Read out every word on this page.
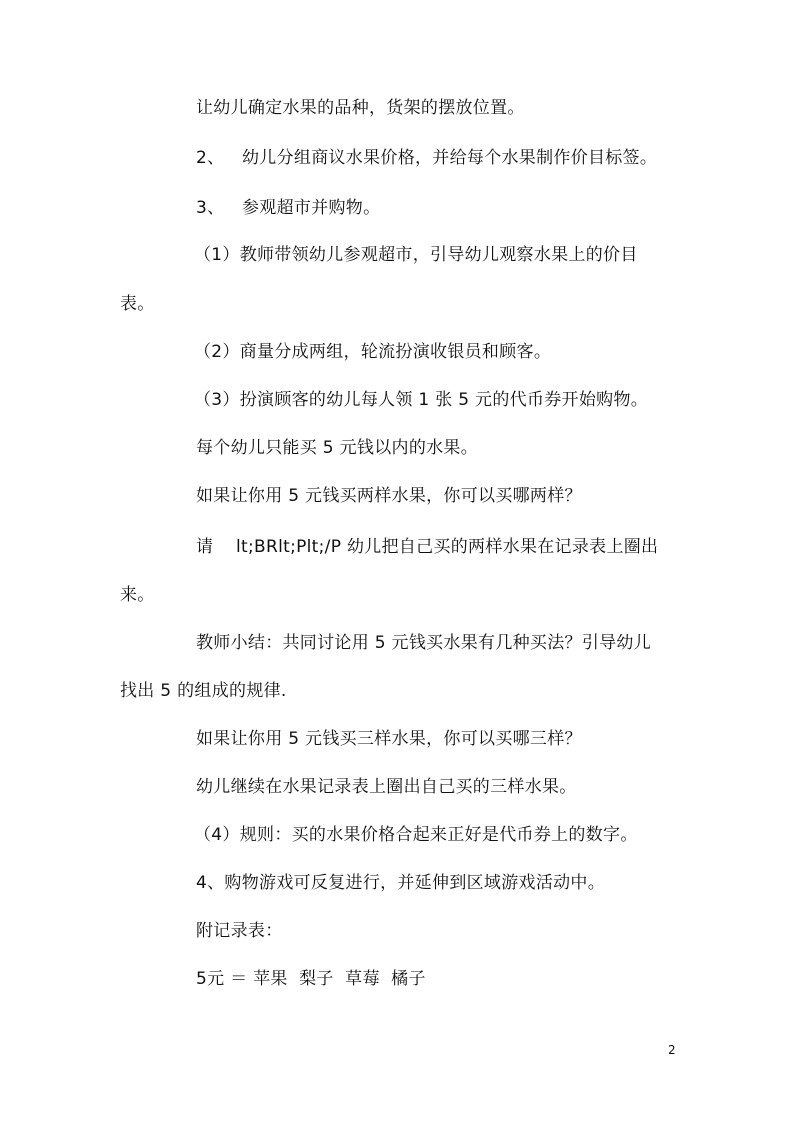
让幼儿确定水果的品种，货架的摆放位置。
2、 幼儿分组商议水果价格，并给每个水果制作价目标签。
3、 参观超市并购物。
（1）教师带领幼儿参观超市，引导幼儿观察水果上的价目
表。
（2）商量分成两组，轮流扮演收银员和顾客。
（3）扮演顾客的幼儿每人领 1 张 5 元的代币券开始购物。
每个幼儿只能买 5 元钱以内的水果。
如果让你用 5 元钱买两样水果，你可以买哪两样？
请 lt;BRlt;Plt;/P 幼儿把自己买的两样水果在记录表上圈出
来。
教师小结：共同讨论用 5 元钱买水果有几种买法？引导幼儿
找出 5 的组成的规律.
如果让你用 5 元钱买三样水果，你可以买哪三样？
幼儿继续在水果记录表上圈出自己买的三样水果。
（4）规则：买的水果价格合起来正好是代币券上的数字。
4、购物游戏可反复进行，并延伸到区域游戏活动中。
附记录表：
5元 ＝ 苹果  梨子  草莓  橘子
2
